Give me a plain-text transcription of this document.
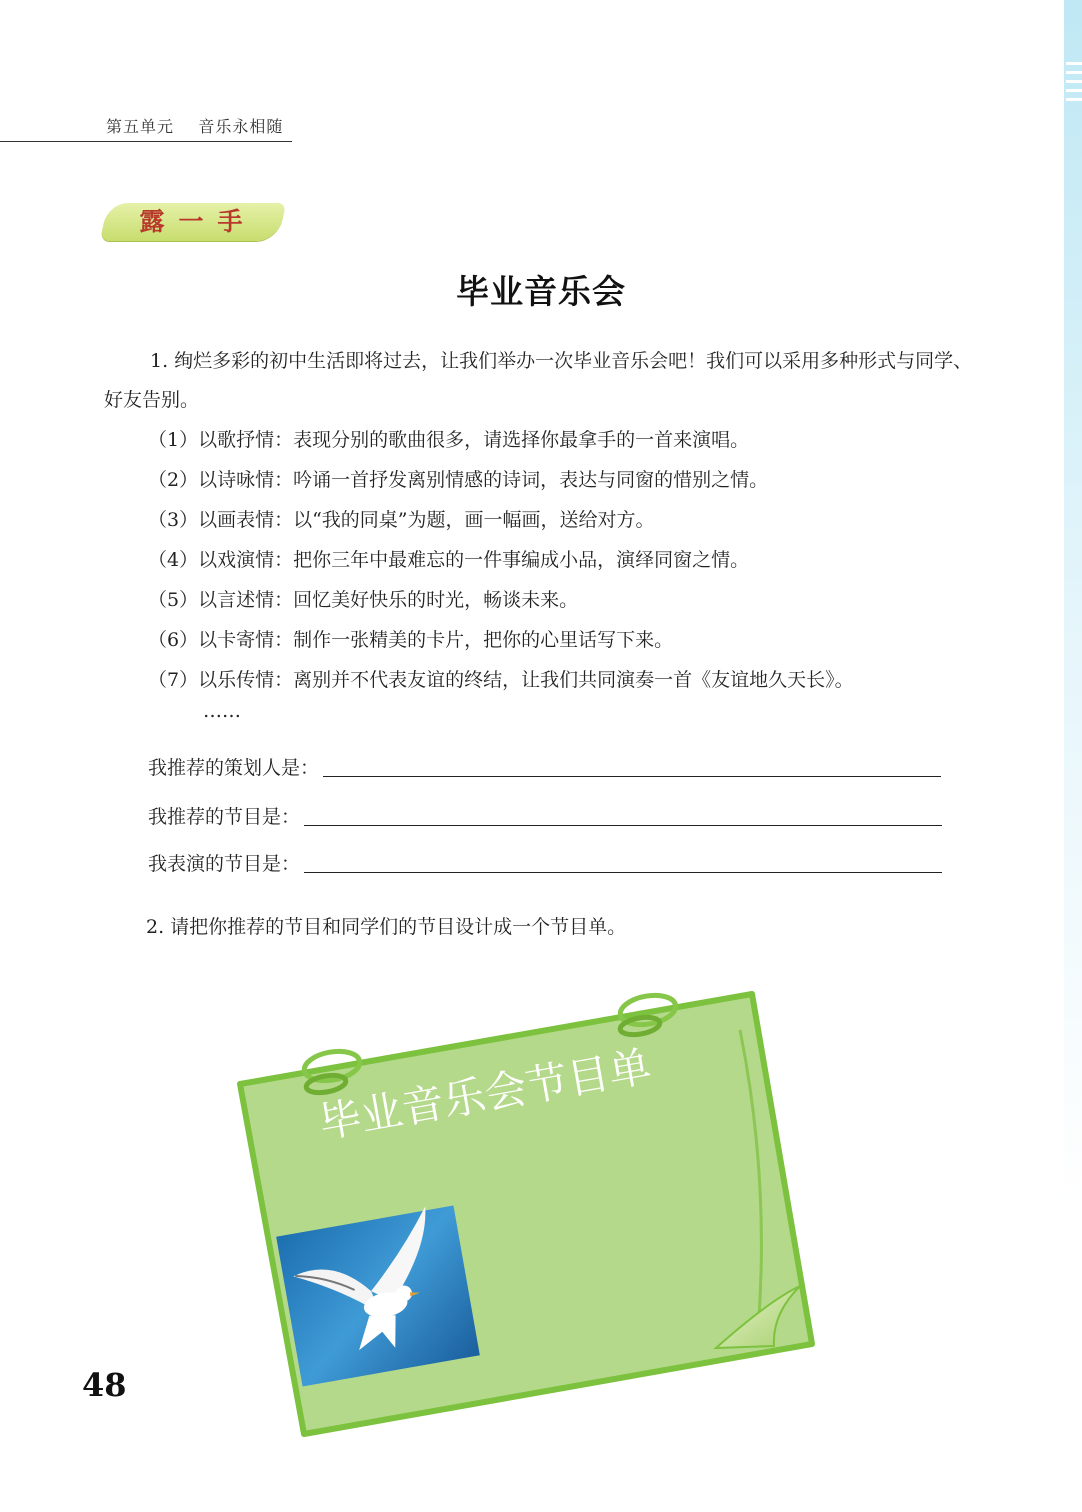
第五单元 音乐永相随
露一手
毕业音乐会

1. 绚烂多彩的初中生活即将过去，让我们举办一次毕业音乐会吧！我们可以采用多种形式与同学、好友告别。

（1）以歌抒情：表现分别的歌曲很多，请选择你最拿手的一首来演唱。
（2）以诗咏情：吟诵一首抒发离别情感的诗词，表达与同窗的惜别之情。
（3）以画表情：以“我的同桌”为题，画一幅画，送给对方。
（4）以戏演情：把你三年中最难忘的一件事编成小品，演绎同窗之情。
（5）以言述情：回忆美好快乐的时光，畅谈未来。
（6）以卡寄情：制作一张精美的卡片，把你的心里话写下来。
（7）以乐传情：离别并不代表友谊的终结，让我们共同演奏一首《友谊地久天长》。
……
我推荐的策划人是：
我推荐的节目是：
我表演的节目是：
2. 请把你推荐的节目和同学们的节目设计成一个节目单。
毕业音乐会节目单
48
